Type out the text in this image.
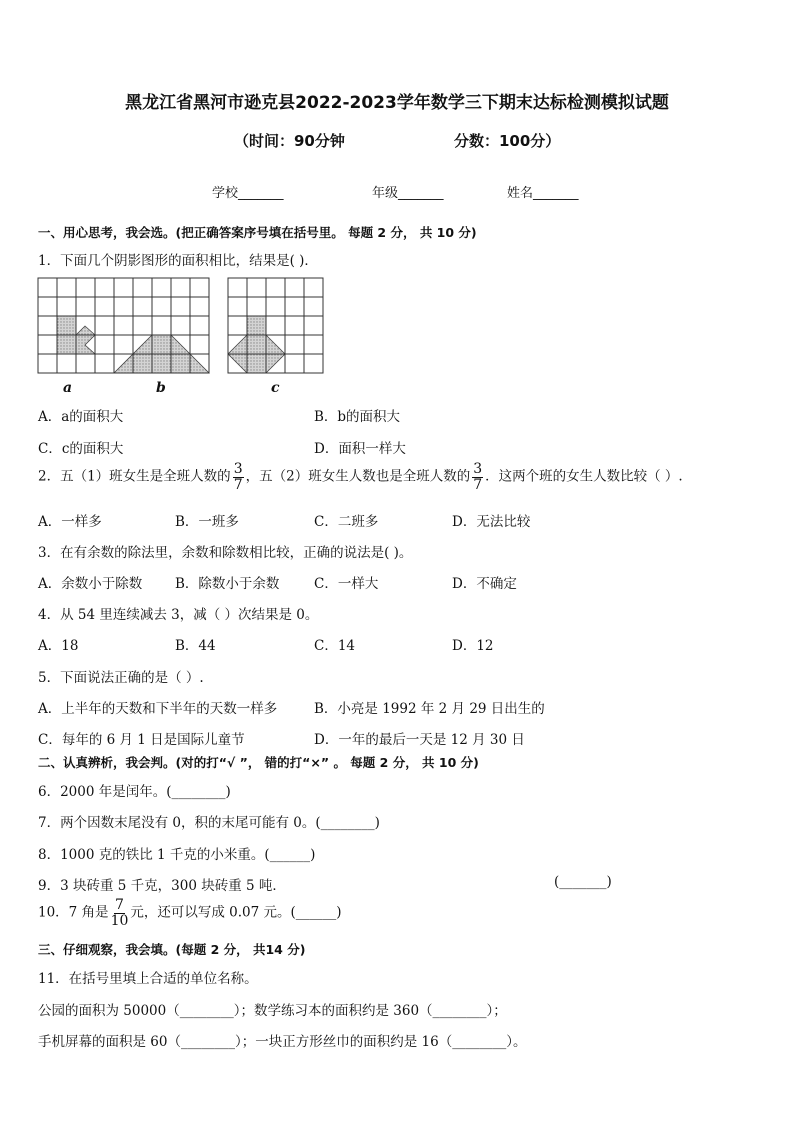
黑龙江省黑河市逊克县2022-2023学年数学三下期末达标检测模拟试题
（时间：90分钟	分数：100分）
学校_______	年级_______	姓名_______
一、用心思考，我会选。(把正确答案序号填在括号里。 每题 2 分， 共 10 分)
1．下面几个阴影图形的面积相比，结果是( )．
a	b	c
A．a的面积大	B．b的面积大
C．c的面积大	D．面积一样大
2．五（1）班女生是全班人数的 $\frac{3}{7}$ ，五（2）班女生人数也是全班人数的 $\frac{3}{7}$ ．这两个班的女生人数比较（ ）.
A．一样多	B．一班多	C．二班多	D．无法比较
3．在有余数的除法里，余数和除数相比较，正确的说法是( )。
A．余数小于除数 B．除数小于余数	C．一样大	D．不确定
4．从 54 里连续减去 3，减（ ）次结果是 0。
A．18	B．44	C．14	D．12
5．下面说法正确的是（ ）.
A．上半年的天数和下半年的天数一样多	B．小亮是 1992 年 2 月 29 日出生的
C．每年的 6 月 1 日是国际儿童节	D．一年的最后一天是 12 月 30 日
二、认真辨析，我会判。(对的打“√ ”， 错的打“×” 。 每题 2 分， 共 10 分)
6．2000 年是闰年。(________)
7．两个因数末尾没有 0，积的末尾可能有 0。(________)
8．1000 克的铁比 1 千克的小米重。(______)
9．3 块砖重 5 千克，300 块砖重 5 吨．	(_______)
10．7 角是 $\frac{7}{10}$ 元，还可以写成 0.07 元。(______)
三、仔细观察，我会填。(每题 2 分， 共14 分)
11．在括号里填上合适的单位名称。
公园的面积为 50000（________）；数学练习本的面积约是 360（________）；
手机屏幕的面积是 60（________）；一块正方形丝巾的面积约是 16（________）。
